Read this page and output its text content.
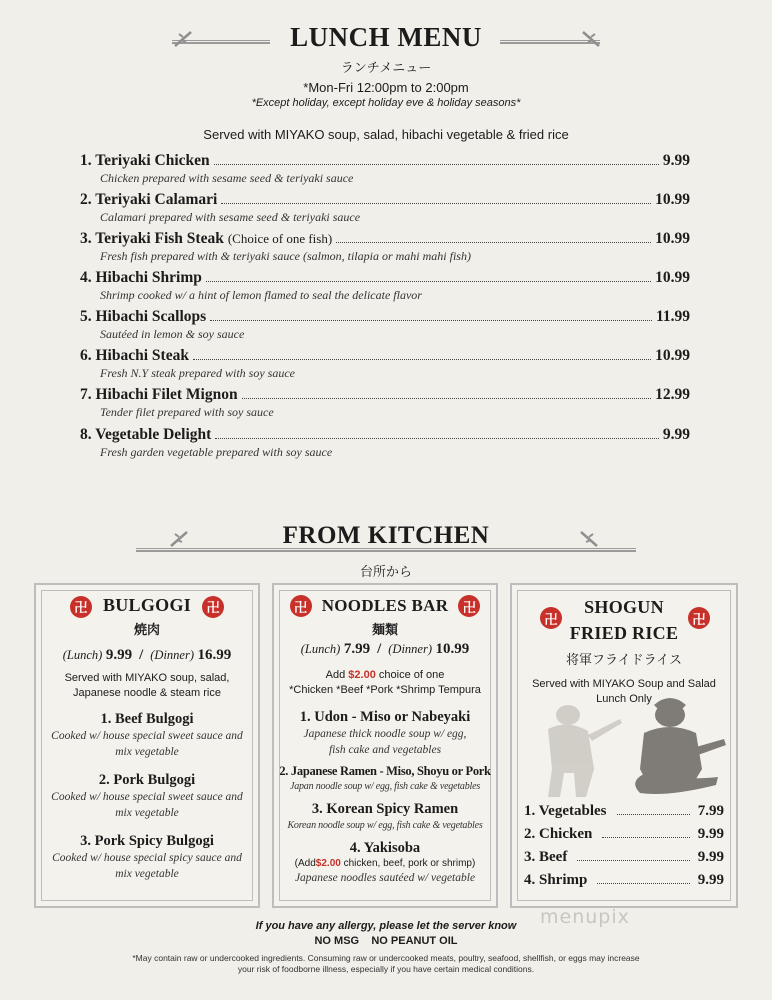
LUNCH MENU
ランチメニュー
*Mon-Fri 12:00pm to 2:00pm
*Except holiday, except holiday eve & holiday seasons*
Served with MIYAKO soup, salad, hibachi vegetable & fried rice
1. Teriyaki Chicken	9.99
Chicken prepared with sesame seed & teriyaki sauce
2. Teriyaki Calamari	10.99
Calamari prepared with sesame seed & teriyaki sauce
3. Teriyaki Fish Steak (Choice of one fish)	10.99
Fresh fish prepared with & teriyaki sauce (salmon, tilapia or mahi mahi fish)
4. Hibachi Shrimp	10.99
Shrimp cooked w/ a hint of lemon flamed to seal the delicate flavor
5. Hibachi Scallops	11.99
Sautéed in lemon & soy sauce
6. Hibachi Steak	10.99
Fresh N.Y steak prepared with soy sauce
7. Hibachi Filet Mignon	12.99
Tender filet prepared with soy sauce
8. Vegetable Delight	9.99
Fresh garden vegetable prepared with soy sauce
FROM KITCHEN
台所から
卍 BULGOGI 卍
焼肉
(Lunch) 9.99 / (Dinner) 16.99
Served with MIYAKO soup, salad,
Japanese noodle & steam rice
1. Beef Bulgogi
Cooked w/ house special sweet sauce and
mix vegetable
2. Pork Bulgogi
Cooked w/ house special sweet sauce and
mix vegetable
3. Pork Spicy Bulgogi
Cooked w/ house special spicy sauce and
mix vegetable
卍 NOODLES BAR 卍
麺類
(Lunch) 7.99 / (Dinner) 10.99
Add $2.00 choice of one
*Chicken *Beef *Pork *Shrimp Tempura
1. Udon - Miso or Nabeyaki
Japanese thick noodle soup w/ egg,
fish cake and vegetables
2. Japanese Ramen - Miso, Shoyu or Pork
Japan noodle soup w/ egg, fish cake & vegetables
3. Korean Spicy Ramen
Korean noodle soup w/ egg, fish cake & vegetables
4. Yakisoba
(Add$2.00 chicken, beef, pork or shrimp)
Japanese noodles sautéed w/ vegetable
卍	卍
SHOGUN
FRIED RICE
将軍フライドライス
Served with MIYAKO Soup and Salad
Lunch Only
1. Vegetables	7.99
2. Chicken	9.99
3. Beef	9.99
4. Shrimp	9.99
If you have any allergy, please let the server know
NO MSG NO PEANUT OIL
*May contain raw or undercooked ingredients. Consuming raw or undercooked meats, poultry, seafood, shellfish, or eggs may increase
your risk of foodborne illness, especially if you have certain medical conditions.
menupix
